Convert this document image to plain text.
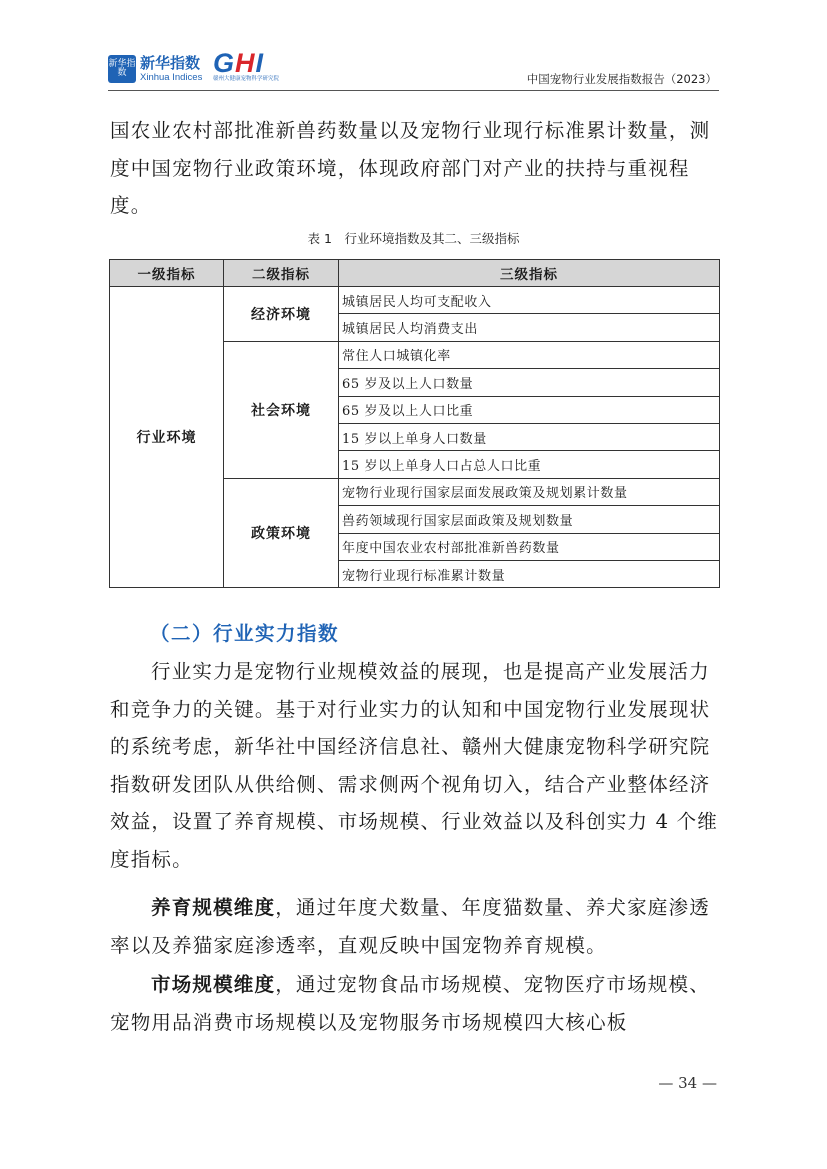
新华指数
新华指数
Xinhua Indices GHI
赣州大健康宠物科学研究院	中国宠物行业发展指数报告（2023）

国农业农村部批准新兽药数量以及宠物行业现行标准累计数量，测度中国宠物行业政策环境，体现政府部门对产业的扶持与重视程度。

表 1　行业环境指数及其二、三级指标
一级指标	二级指标	三级指标
行业环境	经济环境	城镇居民人均可支配收入
		城镇居民人均消费支出
	社会环境	常住人口城镇化率
		65 岁及以上人口数量
		65 岁及以上人口比重
		15 岁以上单身人口数量
		15 岁以上单身人口占总人口比重
	政策环境	宠物行业现行国家层面发展政策及规划累计数量
		兽药领域现行国家层面政策及规划数量
		年度中国农业农村部批准新兽药数量
		宠物行业现行标准累计数量
（二）行业实力指数

行业实力是宠物行业规模效益的展现，也是提高产业发展活力和竞争力的关键。基于对行业实力的认知和中国宠物行业发展现状的系统考虑，新华社中国经济信息社、赣州大健康宠物科学研究院指数研发团队从供给侧、需求侧两个视角切入，结合产业整体经济效益，设置了养育规模、市场规模、行业效益以及科创实力 4 个维度指标。

养育规模维度，通过年度犬数量、年度猫数量、养犬家庭渗透率以及养猫家庭渗透率，直观反映中国宠物养育规模。

市场规模维度，通过宠物食品市场规模、宠物医疗市场规模、宠物用品消费市场规模以及宠物服务市场规模四大核心板

— 34 —
